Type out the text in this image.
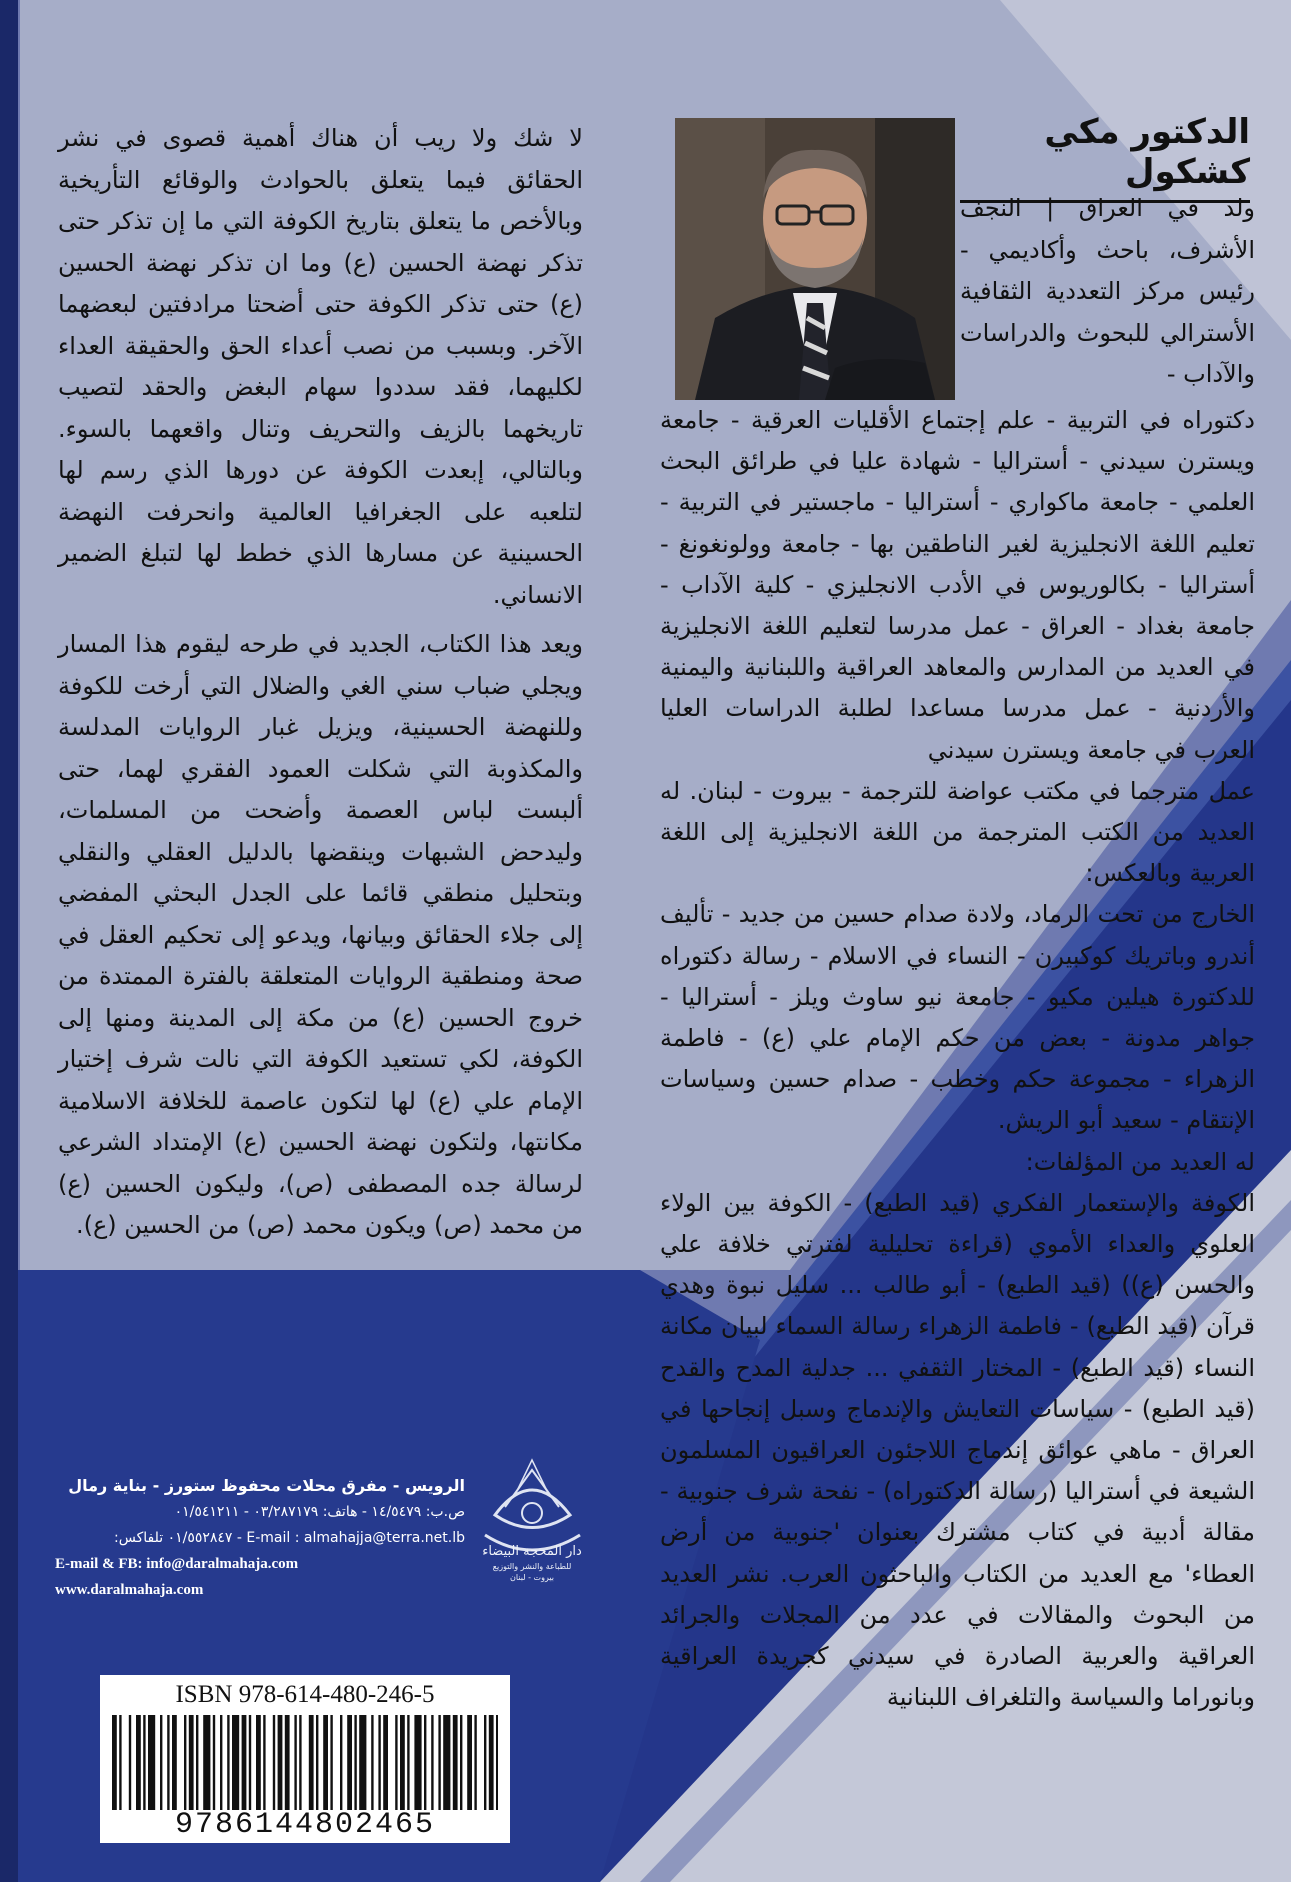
لا شك ولا ريب أن هناك أهمية قصوى في نشر الحقائق فيما يتعلق بالحوادث والوقائع التأريخية وبالأخص ما يتعلق بتاريخ الكوفة التي ما إن تذكر حتى تذكر نهضة الحسين (ع) وما ان تذكر نهضة الحسين (ع) حتى تذكر الكوفة حتى أضحتا مرادفتين لبعضهما الآخر. وبسبب من نصب أعداء الحق والحقيقة العداء لكليهما، فقد سددوا سهام البغض والحقد لتصيب تاريخهما بالزيف والتحريف وتنال واقعهما بالسوء. وبالتالي، إبعدت الكوفة عن دورها الذي رسم لها لتلعبه على الجغرافيا العالمية وانحرفت النهضة الحسينية عن مسارها الذي خطط لها لتبلغ الضمير الانساني.

ويعد هذا الكتاب، الجديد في طرحه ليقوم هذا المسار ويجلي ضباب سني الغي والضلال التي أرخت للكوفة وللنهضة الحسينية، ويزيل غبار الروايات المدلسة والمكذوبة التي شكلت العمود الفقري لهما، حتى ألبست لباس العصمة وأضحت من المسلمات، وليدحض الشبهات وينقضها بالدليل العقلي والنقلي وبتحليل منطقي قائما على الجدل البحثي المفضي إلى جلاء الحقائق وبيانها، ويدعو إلى تحكيم العقل في صحة ومنطقية الروايات المتعلقة بالفترة الممتدة من خروج الحسين (ع) من مكة إلى المدينة ومنها إلى الكوفة، لكي تستعيد الكوفة التي نالت شرف إختيار الإمام علي (ع) لها لتكون عاصمة للخلافة الاسلامية مكانتها، ولتكون نهضة الحسين (ع) الإمتداد الشرعي لرسالة جده المصطفى (ص)، وليكون الحسين (ع) من محمد (ص) ويكون محمد (ص) من الحسين (ع).

الدكتور مكي كشكول

ولد في العراق | النجف الأشرف، باحث وأكاديمي - رئيس مركز التعددية الثقافية الأسترالي للبحوث والدراسات والآداب -

دكتوراه في التربية - علم إجتماع الأقليات العرقية - جامعة ويسترن سيدني - أستراليا - شهادة عليا في طرائق البحث العلمي - جامعة ماكواري - أستراليا - ماجستير في التربية - تعليم اللغة الانجليزية لغير الناطقين بها - جامعة وولونغونغ - أستراليا - بكالوريوس في الأدب الانجليزي - كلية الآداب - جامعة بغداد - العراق - عمل مدرسا لتعليم اللغة الانجليزية في العديد من المدارس والمعاهد العراقية واللبنانية واليمنية والأردنية - عمل مدرسا مساعدا لطلبة الدراسات العليا العرب في جامعة ويسترن سيدني

عمل مترجما في مكتب عواضة للترجمة - بيروت - لبنان. له العديد من الكتب المترجمة من اللغة الانجليزية إلى اللغة العربية وبالعكس:

الخارج من تحت الرماد، ولادة صدام حسين من جديد - تأليف أندرو وباتريك كوكبيرن - النساء في الاسلام - رسالة دكتوراه للدكتورة هيلين مكيو - جامعة نيو ساوث ويلز - أستراليا - جواهر مدونة - بعض من حكم الإمام علي (ع) - فاطمة الزهراء - مجموعة حكم وخطب - صدام حسين وسياسات الإنتقام - سعيد أبو الريش.

له العديد من المؤلفات:

الكوفة والإستعمار الفكري (قيد الطبع) - الكوفة بين الولاء العلوي والعداء الأموي (قراءة تحليلية لفترتي خلافة علي والحسن (ع)) (قيد الطبع) - أبو طالب ... سليل نبوة وهدي قرآن (قيد الطبع) - فاطمة الزهراء رسالة السماء لبيان مكانة النساء (قيد الطبع) - المختار الثقفي ... جدلية المدح والقدح (قيد الطبع) - سياسات التعايش والإندماج وسبل إنجاحها في العراق - ماهي عوائق إندماج اللاجئون العراقيون المسلمون الشيعة في أستراليا (رسالة الدكتوراه) - نفحة شرف جنوبية - مقالة أدبية في كتاب مشترك بعنوان 'جنوبية من أرض العطاء' مع العديد من الكتاب والباحثون العرب. نشر العديد من البحوث والمقالات في عدد من المجلات والجرائد العراقية والعربية الصادرة في سيدني كجريدة العراقية وبانوراما والسياسة والتلغراف اللبنانية

دار المحجة البيضاء
للطباعة والنشر والتوزيع
بيروت - لبنان
الرويس - مفرق محلات محفوظ ستورز - بناية رمال
ص.ب: ١٤/٥٤٧٩ - هاتف: ٠٣/٢٨٧١٧٩ - ٠١/٥٤١٢١١
E-mail : almahajja@terra.net.lb - ٠١/٥٥٢٨٤٧ تلفاكس:
E-mail & FB: info@daralmahaja.com
www.daralmahaja.com
ISBN 978-614-480-246-5
9786144802465
